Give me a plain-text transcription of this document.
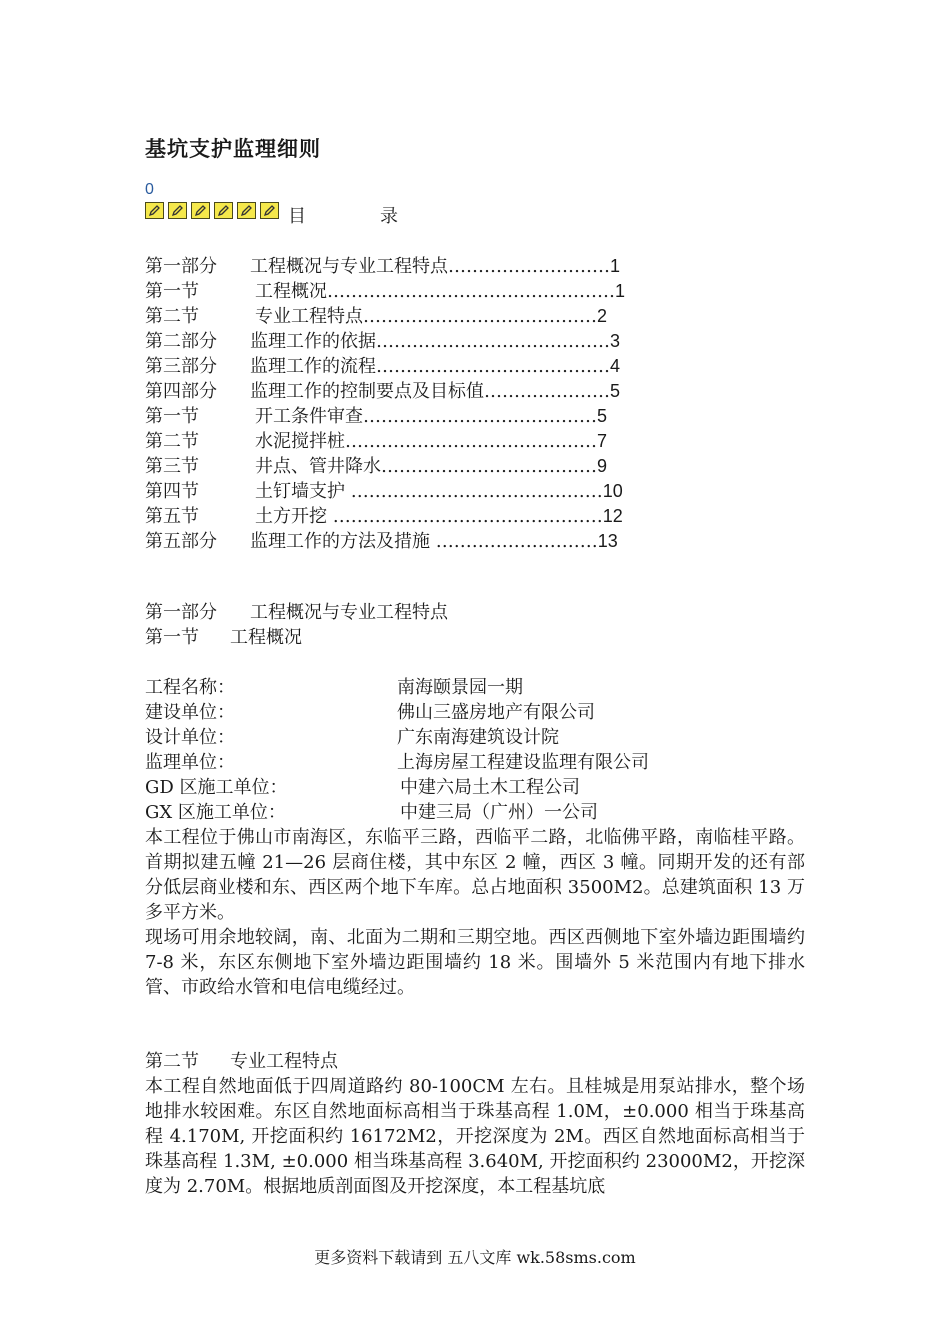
基坑支护监理细则
0
目	录
第一部分 工程概况与专业工程特点………………………1
第一节	工程概况…………………………………………1
第二节	专业工程特点…………………………………2
第二部分 监理工作的依据…………………………………3
第三部分 监理工作的流程…………………………………4
第四部分 监理工作的控制要点及目标值…………………5
第一节	开工条件审查…………………………………5
第二节	水泥搅拌桩……………………………………7
第三节	井点、管井降水………………………………9
第四节	土钉墙支护 ……………………………………10
第五节	土方开挖 ………………………………………12
第五部分 监理工作的方法及措施 ………………………13
第一部分 工程概况与专业工程特点
第一节 工程概况
工程名称：	南海颐景园一期
建设单位：	佛山三盛房地产有限公司
设计单位：	广东南海建筑设计院
监理单位：	上海房屋工程建设监理有限公司
GD 区施工单位：	中建六局土木工程公司
GX 区施工单位：	中建三局（广州）一公司
本工程位于佛山市南海区，东临平三路，西临平二路，北临佛平路，南临桂平路。首期拟建五幢 21—26 层商住楼，其中东区 2 幢，西区 3 幢。同期开发的还有部分低层商业楼和东、西区两个地下车库。总占地面积 3500M2。总建筑面积 13 万多平方米。
现场可用余地较阔，南、北面为二期和三期空地。西区西侧地下室外墙边距围墙约 7-8 米，东区东侧地下室外墙边距围墙约 18 米。围墙外 5 米范围内有地下排水管、市政给水管和电信电缆经过。
第二节 专业工程特点
本工程自然地面低于四周道路约 80-100CM 左右。且桂城是用泵站排水，整个场地排水较困难。东区自然地面标高相当于珠基高程 1.0M，±0.000 相当于珠基高程 4.170M, 开挖面积约 16172M2，开挖深度为 2M。西区自然地面标高相当于珠基高程 1.3M, ±0.000 相当珠基高程 3.640M, 开挖面积约 23000M2，开挖深度为 2.70M。根据地质剖面图及开挖深度，本工程基坑底
更多资料下载请到 五八文库 wk.58sms.com
